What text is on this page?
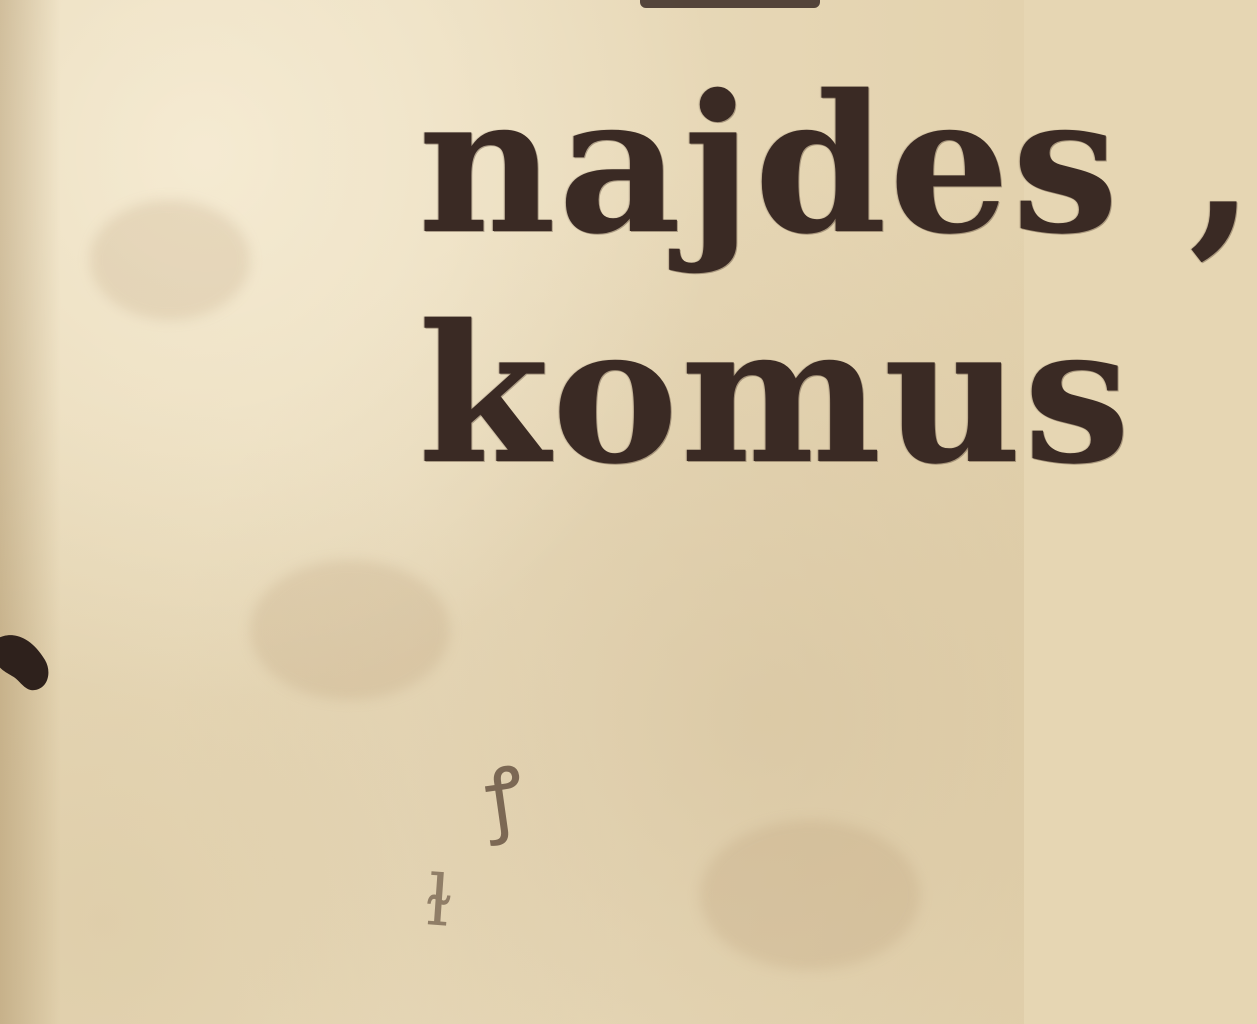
najdes ,

komus

ꝭ
ɫ
